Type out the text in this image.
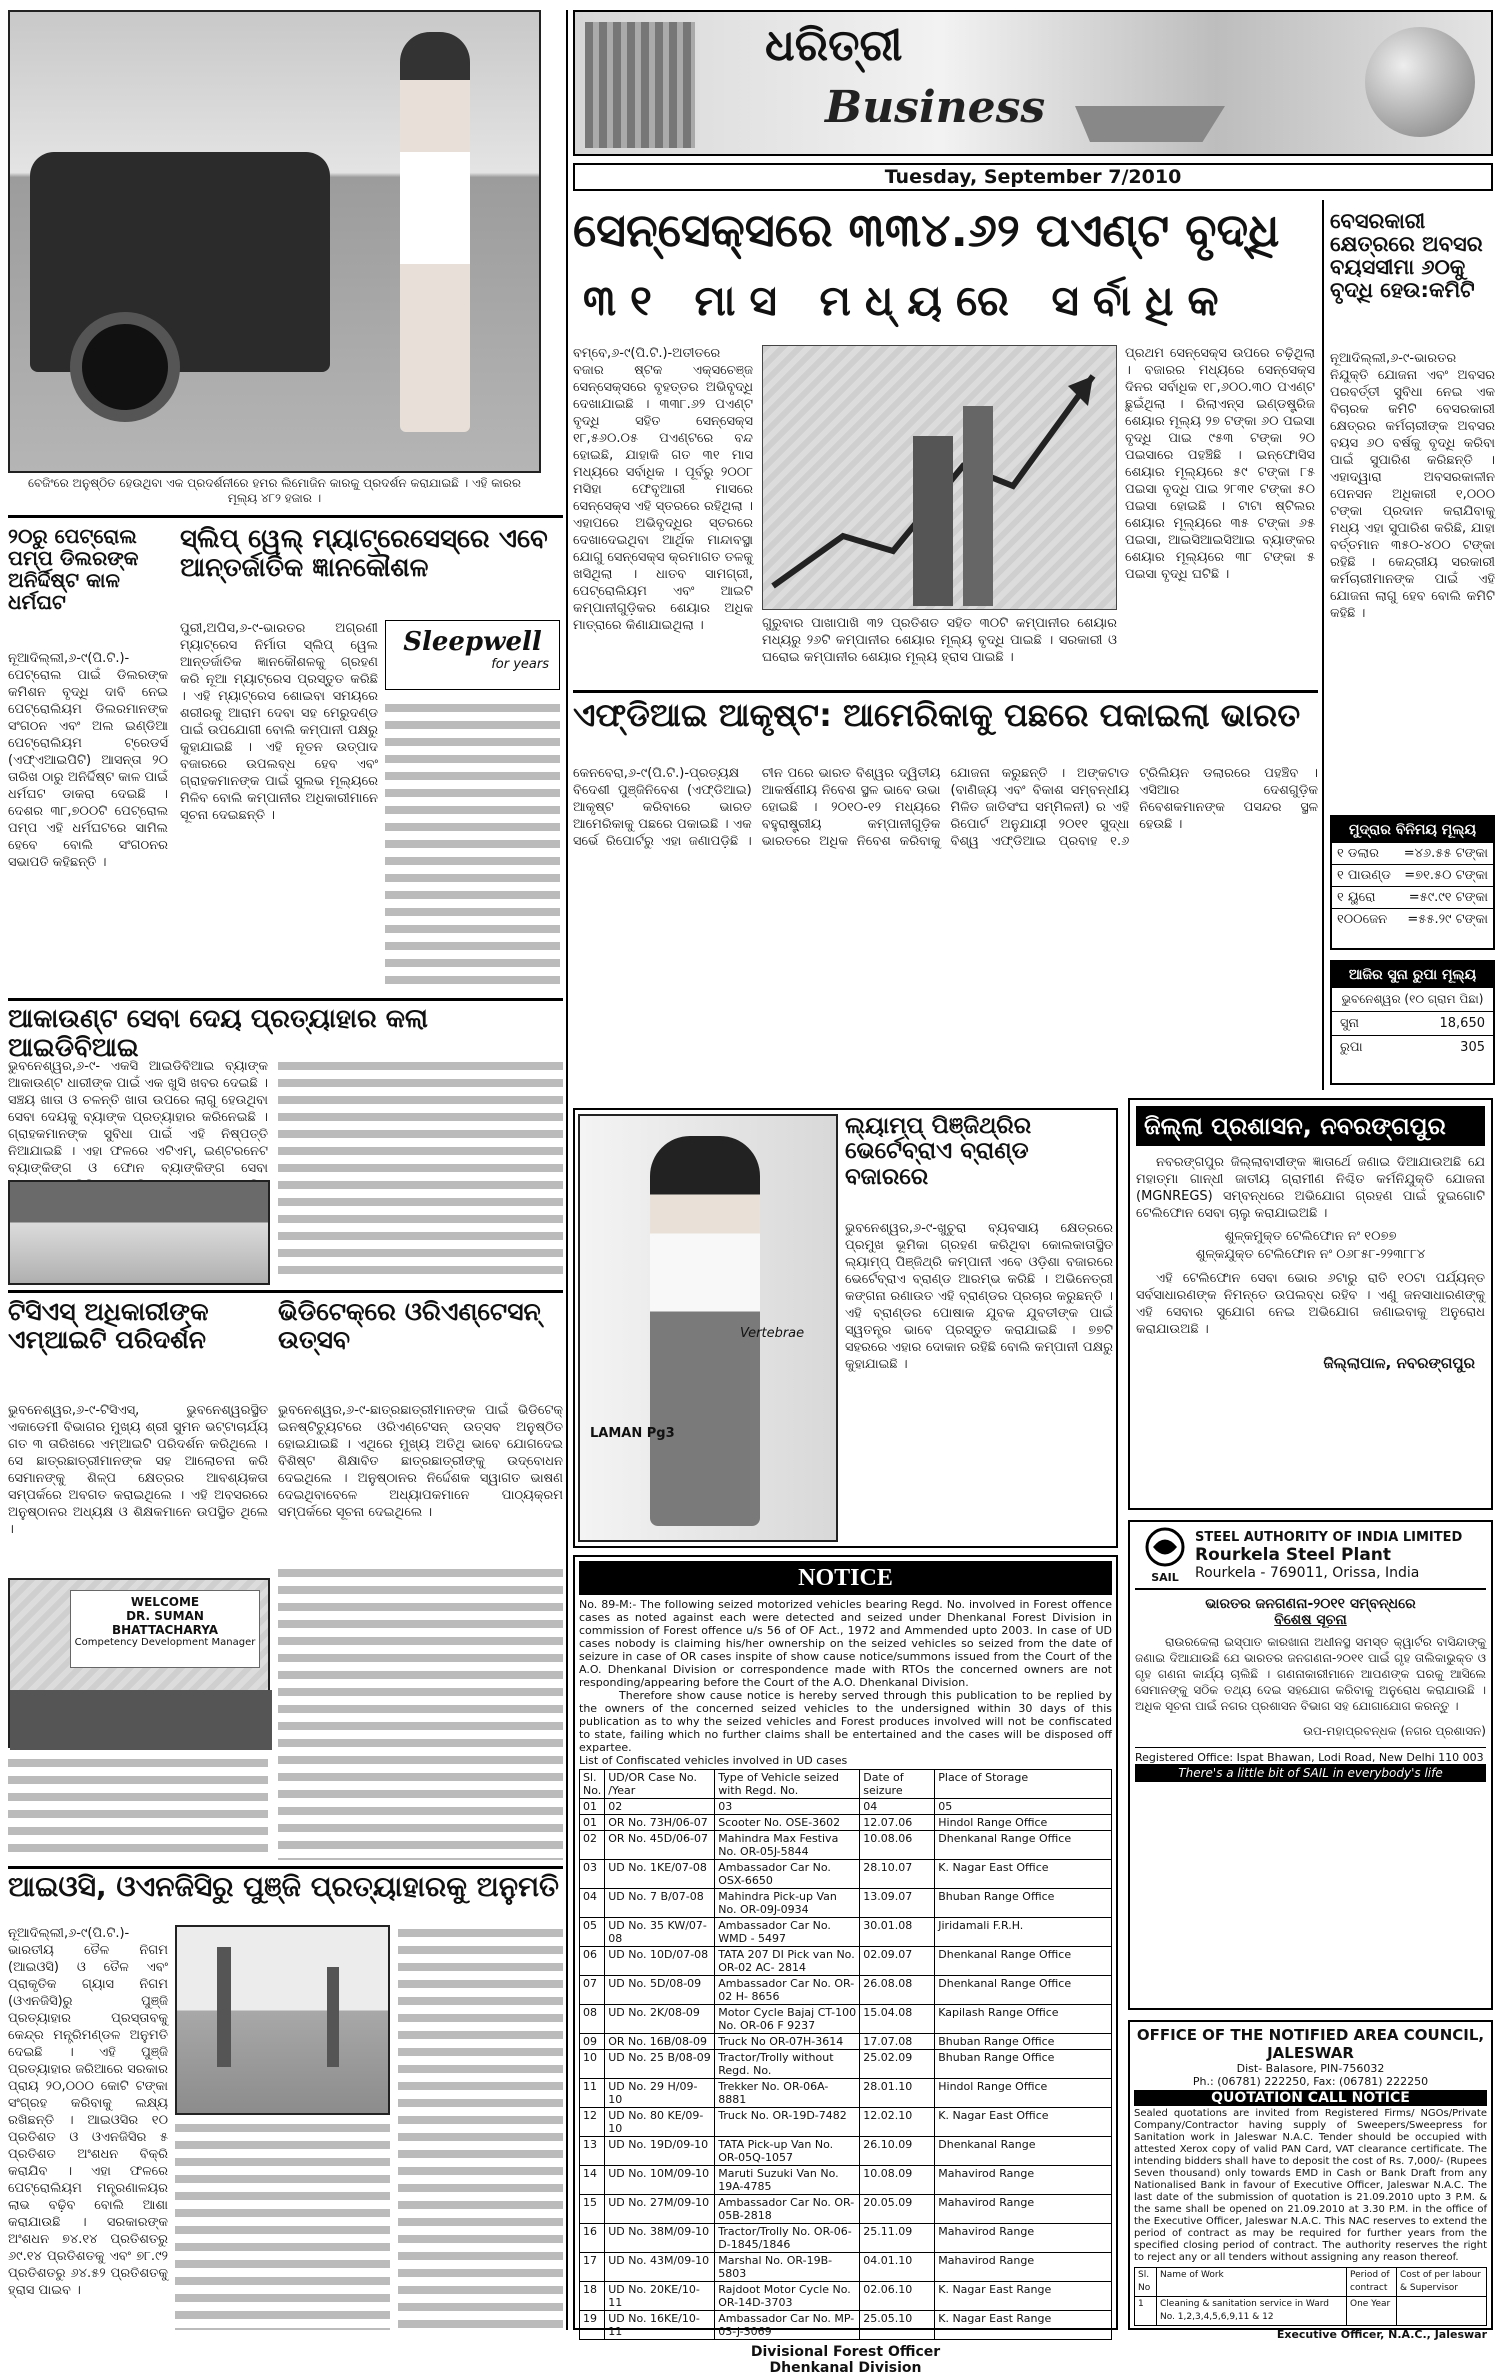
ବେଜିଂରେ ଅନୁଷ୍ଠିତ ହେଉଥିବା ଏକ ପ୍ରଦର୍ଶନୀରେ ହମର ଲିମୋଜିନ କାରକୁ ପ୍ରଦର୍ଶନ କରାଯାଇଛି । ଏହି କାରର ମୂଲ୍ୟ ୪୮୨ ହଜାର ।
ଧରିତ୍ରୀ
Business
Tuesday, September 7/2010
ସେନ୍‌ସେକ୍ସରେ ୩୩୪.୬୨ ପଏଣ୍ଟ ବୃଦ୍ଧି
୩୧ ମାସ ମଧ୍ୟରେ ସର୍ବାଧିକ
ବମ୍ବେ,୬-୯(ପି.ଟି.)-ଅତୀତରେ ବଜାର ଷ୍ଟକ ଏକ୍ସଚେଞ୍ଜ ସେନ୍‌ସେକ୍ସରେ ବୃହତ୍ତର ଅଭିବୃଦ୍ଧି ଦେଖାଯାଇଛି । ୩୩୮.୬୨ ପଏଣ୍ଟ ବୃଦ୍ଧି ସହିତ ସେନ୍‌ସେକ୍ସ ୧୮,୫୬୦.୦୫ ପଏଣ୍ଟରେ ବନ୍ଦ ହୋଇଛି, ଯାହାକି ଗତ ୩୧ ମାସ ମଧ୍ୟରେ ସର୍ବାଧିକ । ପୂର୍ବରୁ ୨୦୦୮ ମସିହା ଫେବୃଆରୀ ମାସରେ ସେନ୍‌ସେକ୍ସ ଏହି ସ୍ତରରେ ରହିଥିଲା । ଏହାପରେ ଅଭିବୃଦ୍ଧିର ସ୍ତରରେ ଦେଖାଦେଇଥିବା ଆର୍ଥିକ ମାନ୍ଦାବସ୍ଥା ଯୋଗୁ ସେନ୍‌ସେକ୍ସ କ୍ରମାଗତ ତଳକୁ ଖସିଥିଲା । ଧାତବ ସାମଗ୍ରୀ, ପେଟ୍ରୋଲିୟମ ଏବଂ ଆଇଟି କମ୍ପାନୀଗୁଡ଼ିକର ଶେୟାର ଅଧିକ ମାତ୍ରାରେ କିଣାଯାଇଥିଲା ।
ପ୍ରଥମ ସେନ୍‌ସେକ୍ସ ଉପରେ ଚଢ଼ିଥିଲା । ବଜାରର ମଧ୍ୟରେ ସେନ୍‌ସେକ୍ସ ଦିନର ସର୍ବାଧିକ ୧୮,୬୦୦.୩୦ ପଏଣ୍ଟ ଛୁଇଁଥିଲା । ରିଲାଏନ୍ସ ଇଣ୍ଡଷ୍ଟ୍ରିଜ ଶେୟାର ମୂଲ୍ୟ ୨୭ ଟଙ୍କା ୬୦ ପଇସା ବୃଦ୍ଧି ପାଇ ୯୫୩ ଟଙ୍କା ୨୦ ପଇସାରେ ପହଞ୍ଚିଛି । ଇନ୍‌ଫୋସିସ ଶେୟାର ମୂଲ୍ୟରେ ୫୯ ଟଙ୍କା ୮୫ ପଇସା ବୃଦ୍ଧି ପାଇ ୨୮୩୧ ଟଙ୍କା ୫୦ ପଇସା ହୋଇଛି । ଟାଟା ଷ୍ଟିଲର ଶେୟାର ମୂଲ୍ୟରେ ୩୫ ଟଙ୍କା ୬୫ ପଇସା, ଆଇସିଆଇସିଆଇ ବ୍ୟାଙ୍କର ଶେୟାର ମୂଲ୍ୟରେ ୩୮ ଟଙ୍କା ୫ ପଇସା ବୃଦ୍ଧି ଘଟିଛି ।
ଗୁରୁବାର ପାଖାପାଖି ୩୨ ପ୍ରତିଶତ ସହିତ ୩୦ଟି କମ୍ପାନୀର ଶେୟାର ମଧ୍ୟରୁ ୨୬ଟି କମ୍ପାନୀର ଶେୟାର ମୂଲ୍ୟ ବୃଦ୍ଧି ପାଇଛି । ସରକାରୀ ଓ ଘରୋଇ କମ୍ପାନୀର ଶେୟାର ମୂଲ୍ୟ ହ୍ରାସ ପାଇଛି ।
ବେସରକାରୀ କ୍ଷେତ୍ରରେ ଅବସର ବୟସସୀମା ୬୦କୁ ବୃଦ୍ଧି ହେଉ:କମିଟି
ନୂଆଦିଲ୍ଲୀ,୬-୯-ଭାରତର ନିଯୁକ୍ତି ଯୋଜନା ଏବଂ ଅବସର ପରବର୍ତ୍ତୀ ସୁବିଧା ନେଇ ଏକ ବିଚାରକ କମିଟି ବେସରକାରୀ କ୍ଷେତ୍ରର କର୍ମଚାରୀଙ୍କ ଅବସର ବୟସ ୬୦ ବର୍ଷକୁ ବୃଦ୍ଧି କରିବା ପାଇଁ ସୁପାରିଶ କରିଛନ୍ତି । ଏହାଦ୍ୱାରା ଅବସରକାଳୀନ ପେନସନ ଅଧିକାରୀ ୧,୦୦୦ ଟଙ୍କା ପ୍ରଦାନ କରାଯିବାକୁ ମଧ୍ୟ ଏହା ସୁପାରିଶ କରିଛି, ଯାହା ବର୍ତ୍ତମାନ ୩୫୦-୪୦୦ ଟଙ୍କା ରହିଛି । କେନ୍ଦ୍ରୀୟ ସରକାରୀ କର୍ମଚାରୀମାନଙ୍କ ପାଇଁ ଏହି ଯୋଜନା ଲାଗୁ ହେବ ବୋଲି କମିଟି କହିଛି ।
ମୁଦ୍ରାର ବିନିମୟ ମୂଲ୍ୟ
୧ ଡଲାର =୪୬.୫୫ ଟଙ୍କା
୧ ପାଉଣ୍ଡ =୭୧.୫୦ ଟଙ୍କା
୧ ୟୁରୋ	=୫୯.୯୧ ଟଙ୍କା
୧୦୦ଜେନ =୫୫.୨୯ ଟଙ୍କା
ଆଜିର ସୁନା ରୁପା ମୂଲ୍ୟ
ଭୁବନେଶ୍ୱର (୧୦ ଗ୍ରାମ ପିଛା)
ସୁନା	18,650
ରୁପା	305
ଏଫ୍‌ଡିଆଇ ଆକୃଷ୍ଟ: ଆମେରିକାକୁ ପଛରେ ପକାଇଲା ଭାରତ
କେନବେରା,୬-୯(ପି.ଟି.)-ପ୍ରତ୍ୟକ୍ଷ ବିଦେଶୀ ପୁଞ୍ଜିନିବେଶ (ଏଫ୍‌ଡିଆଇ) ଆକୃଷ୍ଟ କରିବାରେ ଭାରତ ଆମେରିକାକୁ ପଛରେ ପକାଇଛି । ଏକ ସର୍ଭେ ରିପୋର୍ଟରୁ ଏହା ଜଣାପଡ଼ିଛି । ଚୀନ ପରେ ଭାରତ ବିଶ୍ୱର ଦ୍ୱିତୀୟ ଆକର୍ଷଣୀୟ ନିବେଶ ସ୍ଥଳ ଭାବେ ଉଭା ହୋଇଛି । ୨୦୧୦-୧୨ ମଧ୍ୟରେ ବହୁରାଷ୍ଟ୍ରୀୟ କମ୍ପାନୀଗୁଡ଼ିକ ଭାରତରେ ଅଧିକ ନିବେଶ କରିବାକୁ ଯୋଜନା କରୁଛନ୍ତି । ଅଙ୍କଟାଡ (ବାଣିଜ୍ୟ ଏବଂ ବିକାଶ ସମ୍ବନ୍ଧୀୟ ମିଳିତ ଜାତିସଂଘ ସମ୍ମିଳନୀ) ର ଏହି ରିପୋର୍ଟ ଅନୁଯାୟୀ ୨୦୧୧ ସୁଦ୍ଧା ବିଶ୍ୱ ଏଫ୍‌ଡିଆଇ ପ୍ରବାହ ୧.୬ ଟ୍ରିଲିୟନ ଡଲାରରେ ପହଞ୍ଚିବ । ଏସିଆର ଦେଶଗୁଡ଼ିକ ନିବେଶକମାନଙ୍କ ପସନ୍ଦର ସ୍ଥଳ ହେଉଛି ।
୨୦ରୁ ପେଟ୍ରୋଲ ପମ୍ପ ଡିଲରଙ୍କ ଅନିର୍ଦ୍ଦିଷ୍ଟ କାଳ ଧର୍ମଘଟ
ନୂଆଦିଲ୍ଲୀ,୬-୯(ପି.ଟି.)-ପେଟ୍ରୋଲ ପାଇଁ ଡିଲରଙ୍କ କମିଶନ ବୃଦ୍ଧି ଦାବି ନେଇ ପେଟ୍ରୋଲିୟମ ଡିଲରମାନଙ୍କ ସଂଗଠନ ଏବଂ ଅଲ ଇଣ୍ଡିଆ ପେଟ୍ରୋଲିୟମ ଟ୍ରେଡର୍ସ (ଏଫ୍‌ଏଆଇପିଟି) ଆସନ୍ତା ୨୦ ତାରିଖ ଠାରୁ ଅନିର୍ଦ୍ଦିଷ୍ଟ କାଳ ପାଇଁ ଧର୍ମଘଟ ଡାକରା ଦେଇଛି । ଦେଶର ୩୮,୭୦୦ଟି ପେଟ୍ରୋଲ ପମ୍ପ ଏହି ଧର୍ମଘଟରେ ସାମିଲ ହେବେ ବୋଲି ସଂଗଠନର ସଭାପତି କହିଛନ୍ତି ।
ସ୍ଲିପ୍ ୱେଲ୍ ମ୍ୟାଟ୍ରେସେସ୍‌ରେ ଏବେ ଆନ୍ତର୍ଜାତିକ ଜ୍ଞାନକୌଶଳ
Sleepwell
for years
ପୁରୀ,ଅପିସ,୬-୯-ଭାରତର ଅଗ୍ରଣୀ ମ୍ୟାଟ୍ରେସ ନିର୍ମାତା ସ୍ଲିପ୍ ୱେଲ ଆନ୍ତର୍ଜାତିକ ଜ୍ଞାନକୌଶଳକୁ ଗ୍ରହଣ କରି ନୂଆ ମ୍ୟାଟ୍ରେସ ପ୍ରସ୍ତୁତ କରିଛି । ଏହି ମ୍ୟାଟ୍ରେସ ଶୋଇବା ସମୟରେ ଶରୀରକୁ ଆରାମ ଦେବା ସହ ମେରୁଦଣ୍ଡ ପାଇଁ ଉପଯୋଗୀ ବୋଲି କମ୍ପାନୀ ପକ୍ଷରୁ କୁହାଯାଇଛି । ଏହି ନୂତନ ଉତ୍ପାଦ ବଜାରରେ ଉପଲବ୍ଧ ହେବ ଏବଂ ଗ୍ରାହକମାନଙ୍କ ପାଇଁ ସୁଲଭ ମୂଲ୍ୟରେ ମିଳିବ ବୋଲି କମ୍ପାନୀର ଅଧିକାରୀମାନେ ସୂଚନା ଦେଇଛନ୍ତି ।
ଆକାଉଣ୍ଟ ସେବା ଦେୟ ପ୍ରତ୍ୟାହାର କଲା ଆଇଡିବିଆଇ
ଭୁବନେଶ୍ୱର,୬-୯- ଏକସି ଆଇଡିବିଆଇ ବ୍ୟାଙ୍କ ଆକାଉଣ୍ଟ ଧାରୀଙ୍କ ପାଇଁ ଏକ ଖୁସି ଖବର ଦେଇଛି । ସଞ୍ଚୟ ଖାତା ଓ ଚଳନ୍ତି ଖାତା ଉପରେ ଲାଗୁ ହେଉଥିବା ସେବା ଦେୟକୁ ବ୍ୟାଙ୍କ ପ୍ରତ୍ୟାହାର କରିନେଇଛି । ଗ୍ରାହକମାନଙ୍କ ସୁବିଧା ପାଇଁ ଏହି ନିଷ୍ପତ୍ତି ନିଆଯାଇଛି । ଏହା ଫଳରେ ଏଟିଏମ୍, ଇଣ୍ଟରନେଟ ବ୍ୟାଙ୍କିଙ୍ଗ ଓ ଫୋନ ବ୍ୟାଙ୍କିଙ୍ଗ ସେବା
ଟିସିଏସ୍ ଅଧିକାରୀଙ୍କ ଏମ୍‌ଆଇଟି ପରିଦର୍ଶନ
ଭୁବନେଶ୍ୱର,୬-୯-ଟିସିଏସ୍, ଭୁବନେଶ୍ୱରସ୍ଥିତ ଏକାଡେମୀ ବିଭାଗର ମୁଖ୍ୟ ଶ୍ରୀ ସୁମନ ଭଟ୍ଟାଚାର୍ଯ୍ୟ ଗତ ୩ ତାରିଖରେ ଏମ୍‌ଆଇଟି ପରିଦର୍ଶନ କରିଥିଲେ । ସେ ଛାତ୍ରଛାତ୍ରୀମାନଙ୍କ ସହ ଆଲୋଚନା କରି ସେମାନଙ୍କୁ ଶିଳ୍ପ କ୍ଷେତ୍ରର ଆବଶ୍ୟକତା ସମ୍ପର୍କରେ ଅବଗତ କରାଇଥିଲେ । ଏହି ଅବସରରେ ଅନୁଷ୍ଠାନର ଅଧ୍ୟକ୍ଷ ଓ ଶିକ୍ଷକମାନେ ଉପସ୍ଥିତ ଥିଲେ ।
WELCOME
DR. SUMAN BHATTACHARYA
Competency Development Manager
ଭିଡିଟେକ୍‌ରେ ଓରିଏଣ୍ଟେସନ୍ ଉତ୍ସବ
ଭୁବନେଶ୍ୱର,୬-୯-ଛାତ୍ରଛାତ୍ରୀମାନଙ୍କ ପାଇଁ ଭିଡିଟେକ୍ ଇନଷ୍ଟିଚ୍ୟୁଟରେ ଓରିଏଣ୍ଟେସନ୍ ଉତ୍ସବ ଅନୁଷ୍ଠିତ ହୋଇଯାଇଛି । ଏଥିରେ ମୁଖ୍ୟ ଅତିଥି ଭାବେ ଯୋଗଦେଇ ବିଶିଷ୍ଟ ଶିକ୍ଷାବିତ ଛାତ୍ରଛାତ୍ରୀଙ୍କୁ ଉଦ୍‌ବୋଧନ ଦେଇଥିଲେ । ଅନୁଷ୍ଠାନର ନିର୍ଦ୍ଦେଶକ ସ୍ୱାଗତ ଭାଷଣ ଦେଇଥିବାବେଳେ ଅଧ୍ୟାପକମାନେ ପାଠ୍ୟକ୍ରମ ସମ୍ପର୍କରେ ସୂଚନା ଦେଇଥିଲେ ।
ଆଇଓସି, ଓଏନଜିସିରୁ ପୁଞ୍ଜି ପ୍ରତ୍ୟାହାରକୁ ଅନୁମତି
ନୂଆଦିଲ୍ଲୀ,୬-୯(ପି.ଟି.)- ଭାରତୀୟ ତୈଳ ନିଗମ (ଆଇଓସି) ଓ ତୈଳ ଏବଂ ପ୍ରାକୃତିକ ଗ୍ୟାସ ନିଗମ (ଓଏନଜିସି)ରୁ ପୁଞ୍ଜି ପ୍ରତ୍ୟାହାର ପ୍ରସ୍ତାବକୁ କେନ୍ଦ୍ର ମନ୍ତ୍ରିମଣ୍ଡଳ ଅନୁମତି ଦେଇଛି । ଏହି ପୁଞ୍ଜି ପ୍ରତ୍ୟାହାର ଜରିଆରେ ସରକାର ପ୍ରାୟ ୨୦,୦୦୦ କୋଟି ଟଙ୍କା ସଂଗ୍ରହ କରିବାକୁ ଲକ୍ଷ୍ୟ ରଖିଛନ୍ତି । ଆଇଓସିର ୧୦ ପ୍ରତିଶତ ଓ ଓଏନଜିସିର ୫ ପ୍ରତିଶତ ଅଂଶଧନ ବିକ୍ରି କରାଯିବ । ଏହା ଫଳରେ ପେଟ୍ରୋଲିୟମ ମନ୍ତ୍ରଣାଳୟର ଲାଭ ବଢ଼ିବ ବୋଲି ଆଶା କରାଯାଉଛି । ସରକାରଙ୍କ ଅଂଶଧନ ୭୪.୧୪ ପ୍ରତିଶତରୁ ୬୯.୧୪ ପ୍ରତିଶତକୁ ଏବଂ ୭୮.୯୨ ପ୍ରତିଶତରୁ ୬୪.୫୨ ପ୍ରତିଶତକୁ ହ୍ରାସ ପାଇବ ।
LAMAN Pg3
Vertebrae
ଲ୍ୟାମ୍ପ୍ ପିଞ୍ଜିଥ୍ରିର ଭେର୍ଟେବ୍ରାଏ ବ୍ରାଣ୍ଡ ବଜାରରେ
ଭୁବନେଶ୍ୱର,୬-୯-ଖୁଚୁରା ବ୍ୟବସାୟ କ୍ଷେତ୍ରରେ ପ୍ରମୁଖ ଭୂମିକା ଗ୍ରହଣ କରିଥିବା କୋଲକାତାସ୍ଥିତ ଲ୍ୟାମ୍ପ୍ ପିଞ୍ଜିଥ୍ରି କମ୍ପାନୀ ଏବେ ଓଡ଼ିଶା ବଜାରରେ ଭେର୍ଟେବ୍ରାଏ ବ୍ରାଣ୍ଡ ଆରମ୍ଭ କରିଛି । ଅଭିନେତ୍ରୀ କଙ୍ଗନା ରଣାଉତ ଏହି ବ୍ରାଣ୍ଡର ପ୍ରଚାର କରୁଛନ୍ତି । ଏହି ବ୍ରାଣ୍ଡର ପୋଷାକ ଯୁବକ ଯୁବତୀଙ୍କ ପାଇଁ ସ୍ୱତନ୍ତ୍ର ଭାବେ ପ୍ରସ୍ତୁତ କରାଯାଇଛି । ୭୭ଟି ସହରରେ ଏହାର ଦୋକାନ ରହିଛି ବୋଲି କମ୍ପାନୀ ପକ୍ଷରୁ କୁହାଯାଇଛି ।
NOTICE
No. 89-M:- The following seized motorized vehicles bearing Regd. No. involved in Forest offence cases as noted against each were detected and seized under Dhenkanal Forest Division in commission of Forest offence u/s 56 of OF Act., 1972 and Ammended upto 2003. In case of UD cases nobody is claiming his/her ownership on the seized vehicles so seized from the date of seizure in case of OR cases inspite of show cause notice/summons issued from the Court of the A.O. Dhenkanal Division or correspondence made with RTOs the concerned owners are not responding/appearing before the Court of the A.O. Dhenkanal Division.
Therefore show cause notice is hereby served through this publication to be replied by the owners of the concerned seized vehicles to the undersigned within 30 days of this publication as to why the seized vehicles and Forest produces involved will not be confiscated to state, failing which no further claims shall be entertained and the cases will be disposed off expartee.
List of Confiscated vehicles involved in UD cases
Sl. No.	UD/OR Case No. /Year	Type of Vehicle seized with Regd. No.	Date of seizure	Place of Storage
01	02	03	04	05
01	OR No. 73H/06-07	Scooter No. OSE-3602	12.07.06	Hindol Range Office
02	OR No. 45D/06-07	Mahindra Max Festiva No. OR-05J-5844	10.08.06	Dhenkanal Range Office
03	UD No. 1KE/07-08	Ambassador Car No. OSX-6650	28.10.07	K. Nagar East Office
04	UD No. 7 B/07-08	Mahindra Pick-up Van No. OR-09J-0934	13.09.07	Bhuban Range Office
05	UD No. 35 KW/07-08	Ambassador Car No. WMD - 5497	30.01.08	Jiridamali F.R.H.
06	UD No. 10D/07-08	TATA 207 DI Pick van No. OR-02 AC- 2814	02.09.07	Dhenkanal Range Office
07	UD No. 5D/08-09	Ambassador Car No. OR-02 H- 8656	26.08.08	Dhenkanal Range Office
08	UD No. 2K/08-09	Motor Cycle Bajaj CT-100 No. OR-06 F 9237	15.04.08	Kapilash Range Office
09	OR No. 16B/08-09	Truck No OR-07H-3614	17.07.08	Bhuban Range Office
10	UD No. 25 B/08-09	Tractor/Trolly without Regd. No.	25.02.09	Bhuban Range Office
11	UD No. 29 H/09-10	Trekker No. OR-06A-8881	28.01.10	Hindol Range Office
12	UD No. 80 KE/09-10	Truck No. OR-19D-7482	12.02.10	K. Nagar East Office
13	UD No. 19D/09-10	TATA Pick-up Van No. OR-05Q-1057	26.10.09	Dhenkanal Range
14	UD No. 10M/09-10	Maruti Suzuki Van No. 19A-4785	10.08.09	Mahavirod Range
15	UD No. 27M/09-10	Ambassador Car No. OR-05B-2818	20.05.09	Mahavirod Range
16	UD No. 38M/09-10	Tractor/Trolly No. OR-06-D-1845/1846	25.11.09	Mahavirod Range
17	UD No. 43M/09-10	Marshal No. OR-19B-5803	04.01.10	Mahavirod Range
18	UD No. 20KE/10-11	Rajdoot Motor Cycle No. OR-14D-3703	02.06.10	K. Nagar East Range
19	UD No. 16KE/10-11	Ambassador Car No. MP-03-J-3069	25.05.10	K. Nagar East Range
Divisional Forest Officer
Dhenkanal Division
ଜିଲ୍ଲା ପ୍ରଶାସନ, ନବରଙ୍ଗପୁର
ନବରଙ୍ଗପୁର ଜିଲ୍ଲାବାସୀଙ୍କ ଜ୍ଞାତାର୍ଥେ ଜଣାଇ ଦିଆଯାଉଅଛି ଯେ ମହାତ୍ମା ଗାନ୍ଧୀ ଜାତୀୟ ଗ୍ରାମୀଣ ନିଶ୍ଚିତ କର୍ମନିଯୁକ୍ତି ଯୋଜନା (MGNREGS) ସମ୍ବନ୍ଧରେ ଅଭିଯୋଗ ଗ୍ରହଣ ପାଇଁ ଦୁଇଗୋଟି ଟେଲିଫୋନ ସେବା ଚାଲୁ କରାଯାଇଅଛି ।
ଶୁଳ୍କମୁକ୍ତ ଟେଲିଫୋନ ନଂ ୧୦୭୭
ଶୁଳ୍କଯୁକ୍ତ ଟେଲିଫୋନ ନଂ ୦୬୮୫୮-୨୨୩୮୮୪
ଏହି ଟେଲିଫୋନ ସେବା ଭୋର ୬ଟାରୁ ରାତି ୧୦ଟା ପର୍ଯ୍ୟନ୍ତ ସର୍ବସାଧାରଣଙ୍କ ନିମନ୍ତେ ଉପଲବ୍ଧ ରହିବ । ଏଣୁ ଜନସାଧାରଣଙ୍କୁ ଏହି ସେବାର ସୁଯୋଗ ନେଇ ଅଭିଯୋଗ ଜଣାଇବାକୁ ଅନୁରୋଧ କରାଯାଉଅଛି ।
ଜିଲ୍ଲାପାଳ, ନବରଙ୍ଗପୁର
SAIL
STEEL AUTHORITY OF INDIA LIMITED
Rourkela Steel Plant
Rourkela - 769011, Orissa, India
ଭାରତର ଜନଗଣନା-୨୦୧୧ ସମ୍ବନ୍ଧରେ
ବିଶେଷ ସୂଚନା
ରାଉରକେଲା ଇସ୍ପାତ କାରଖାନା ଅଧୀନସ୍ଥ ସମସ୍ତ କ୍ୱାର୍ଟର ବାସିନ୍ଦାଙ୍କୁ ଜଣାଇ ଦିଆଯାଉଛି ଯେ ଭାରତର ଜନଗଣନା-୨୦୧୧ ପାଇଁ ଗୃହ ତାଲିକାଭୁକ୍ତ ଓ ଗୃହ ଗଣନା କାର୍ଯ୍ୟ ଚାଲିଛି । ଗଣନାକାରୀମାନେ ଆପଣଙ୍କ ଘରକୁ ଆସିଲେ ସେମାନଙ୍କୁ ସଠିକ ତଥ୍ୟ ଦେଇ ସହଯୋଗ କରିବାକୁ ଅନୁରୋଧ କରାଯାଉଛି । ଅଧିକ ସୂଚନା ପାଇଁ ନଗର ପ୍ରଶାସନ ବିଭାଗ ସହ ଯୋଗାଯୋଗ କରନ୍ତୁ ।
ଉପ-ମହାପ୍ରବନ୍ଧକ (ନଗର ପ୍ରଶାସନ)
Registered Office: Ispat Bhawan, Lodi Road, New Delhi 110 003
There's a little bit of SAIL in everybody's life
OFFICE OF THE NOTIFIED AREA COUNCIL, JALESWAR
Dist- Balasore, PIN-756032
Ph.: (06781) 222250, Fax: (06781) 222250
QUOTATION CALL NOTICE
Sealed quotations are invited from Registered Firms/ NGOs/Private Company/Contractor having supply of Sweepers/Sweepress for Sanitation work in Jaleswar N.A.C. Tender should be occupied with attested Xerox copy of valid PAN Card, VAT clearance certificate. The intending bidders shall have to deposit the cost of Rs. 7,000/- (Rupees Seven thousand) only towards EMD in Cash or Bank Draft from any Nationalised Bank in favour of Executive Officer, Jaleswar N.A.C. The last date of the submission of quotation is 21.09.2010 upto 3 P.M. & the same shall be opened on 21.09.2010 at 3.30 P.M. in the office of the Executive Officer, Jaleswar N.A.C. This NAC reserves to extend the period of contract as may be required for further years from the specified closing period of contract. The authority reserves the right to reject any or all tenders without assigning any reason thereof.
Sl. No	Name of Work	Period of contract	Cost of per labour & Supervisor
1	Cleaning & sanitation service in Ward No. 1,2,3,4,5,6,9,11 & 12	One Year	
Executive Officer, N.A.C., Jaleswar
